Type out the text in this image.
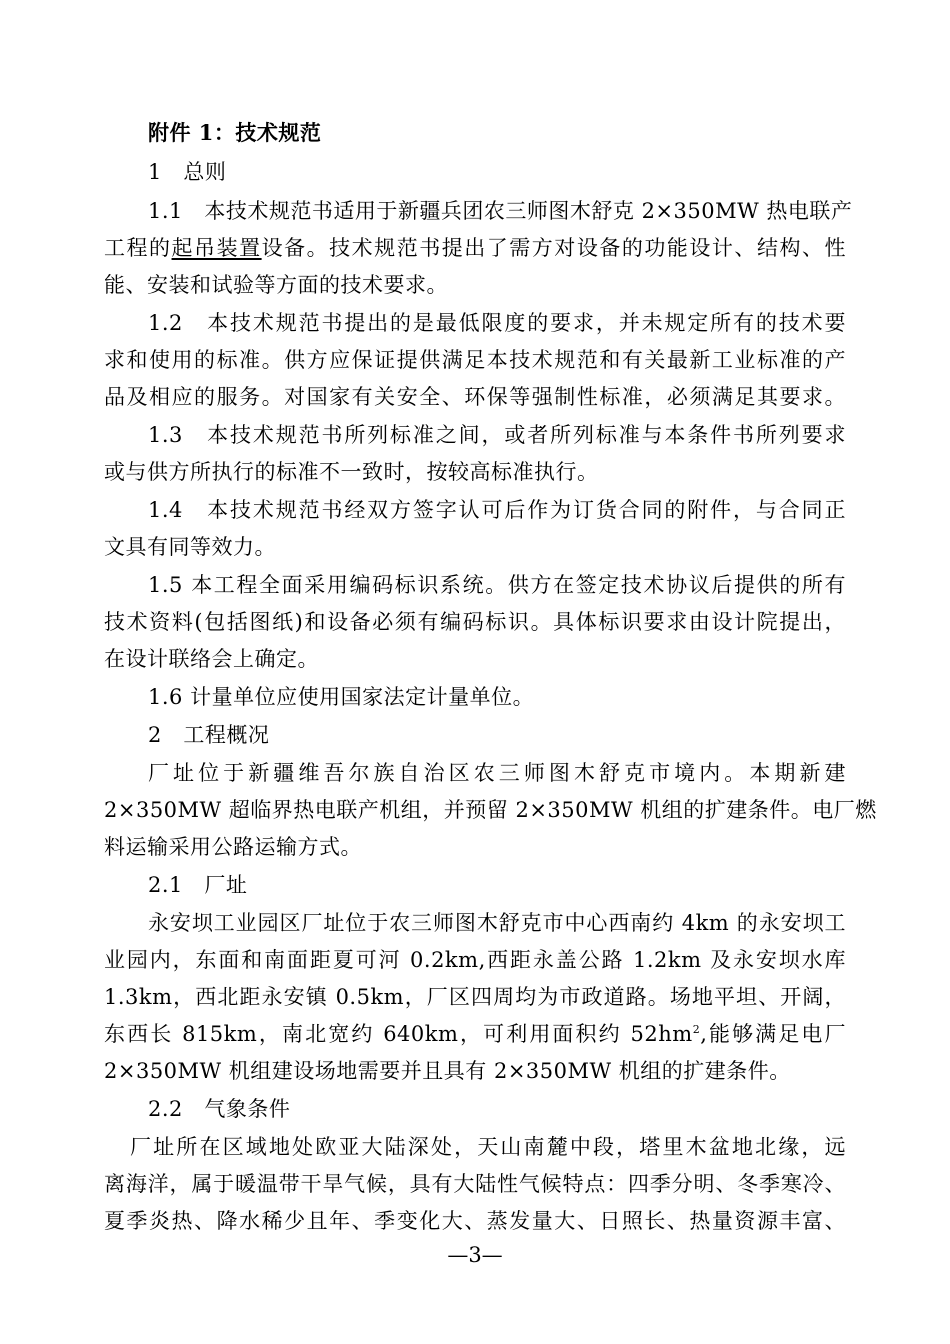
附件 1：技术规范
1　总则
1.1　本技术规范书适用于新疆兵团农三师图木舒克 2×350MW 热电联产
工程的起吊装置设备。技术规范书提出了需方对设备的功能设计、结构、性
能、安装和试验等方面的技术要求。
1.2　本技术规范书提出的是最低限度的要求，并未规定所有的技术要
求和使用的标准。供方应保证提供满足本技术规范和有关最新工业标准的产
品及相应的服务。对国家有关安全、环保等强制性标准，必须满足其要求。
1.3　本技术规范书所列标准之间，或者所列标准与本条件书所列要求
或与供方所执行的标准不一致时，按较高标准执行。
1.4　本技术规范书经双方签字认可后作为订货合同的附件，与合同正
文具有同等效力。
1.5 本工程全面采用编码标识系统。供方在签定技术协议后提供的所有
技术资料(包括图纸)和设备必须有编码标识。具体标识要求由设计院提出，
在设计联络会上确定。
1.6 计量单位应使用国家法定计量单位。
2　工程概况
厂址位于新疆维吾尔族自治区农三师图木舒克市境内。本期新建
2×350MW 超临界热电联产机组，并预留 2×350MW 机组的扩建条件。电厂燃
料运输采用公路运输方式。
2.1　厂址
永安坝工业园区厂址位于农三师图木舒克市中心西南约 4km 的永安坝工
业园内，东面和南面距夏可河 0.2km,西距永盖公路 1.2km 及永安坝水库
1.3km，西北距永安镇 0.5km，厂区四周均为市政道路。场地平坦、开阔，
东西长 815km，南北宽约 640km，可利用面积约 $52hm^2$,能够满足电厂
2×350MW 机组建设场地需要并且具有 2×350MW 机组的扩建条件。
2.2　气象条件
厂址所在区域地处欧亚大陆深处，天山南麓中段，塔里木盆地北缘，远
离海洋，属于暖温带干旱气候，具有大陆性气候特点：四季分明、冬季寒冷、
夏季炎热、降水稀少且年、季变化大、蒸发量大、日照长、热量资源丰富、
—3—
